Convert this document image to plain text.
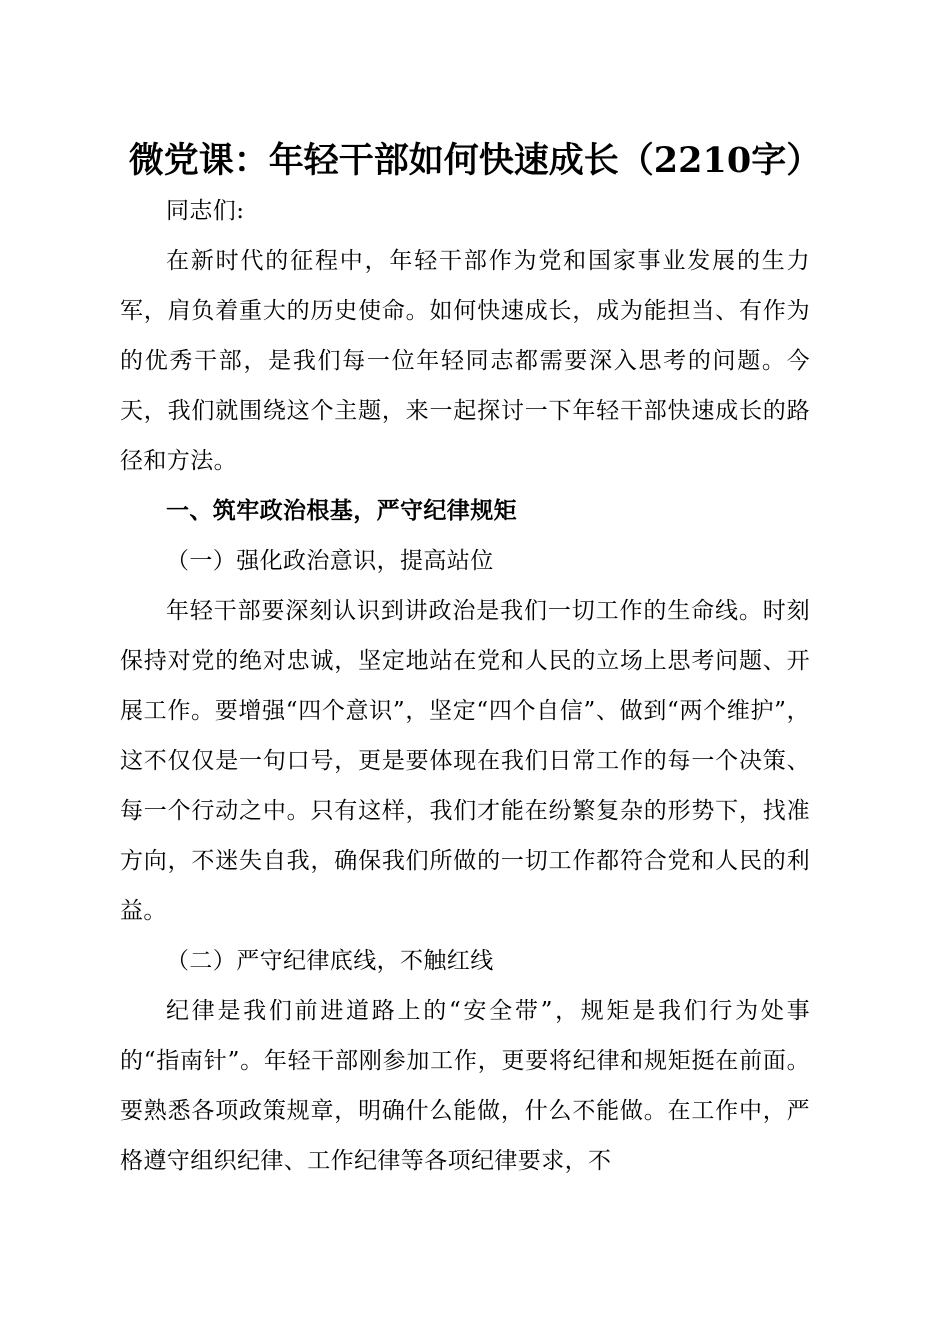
微党课：年轻干部如何快速成长（2210字）

同志们:

在新时代的征程中，年轻干部作为党和国家事业发展的生力军，肩负着重大的历史使命。如何快速成长，成为能担当、有作为的优秀干部，是我们每一位年轻同志都需要深入思考的问题。今天，我们就围绕这个主题，来一起探讨一下年轻干部快速成长的路径和方法。

一、筑牢政治根基，严守纪律规矩

（一）强化政治意识，提高站位

年轻干部要深刻认识到讲政治是我们一切工作的生命线。时刻保持对党的绝对忠诚，坚定地站在党和人民的立场上思考问题、开展工作。要增强“四个意识”，坚定“四个自信”、做到“两个维护”，这不仅仅是一句口号，更是要体现在我们日常工作的每一个决策、每一个行动之中。只有这样，我们才能在纷繁复杂的形势下，找准方向，不迷失自我，确保我们所做的一切工作都符合党和人民的利益。

（二）严守纪律底线，不触红线

纪律是我们前进道路上的“安全带”，规矩是我们行为处事的“指南针”。年轻干部刚参加工作，更要将纪律和规矩挺在前面。要熟悉各项政策规章，明确什么能做，什么不能做。在工作中，严格遵守组织纪律、工作纪律等各项纪律要求，不
